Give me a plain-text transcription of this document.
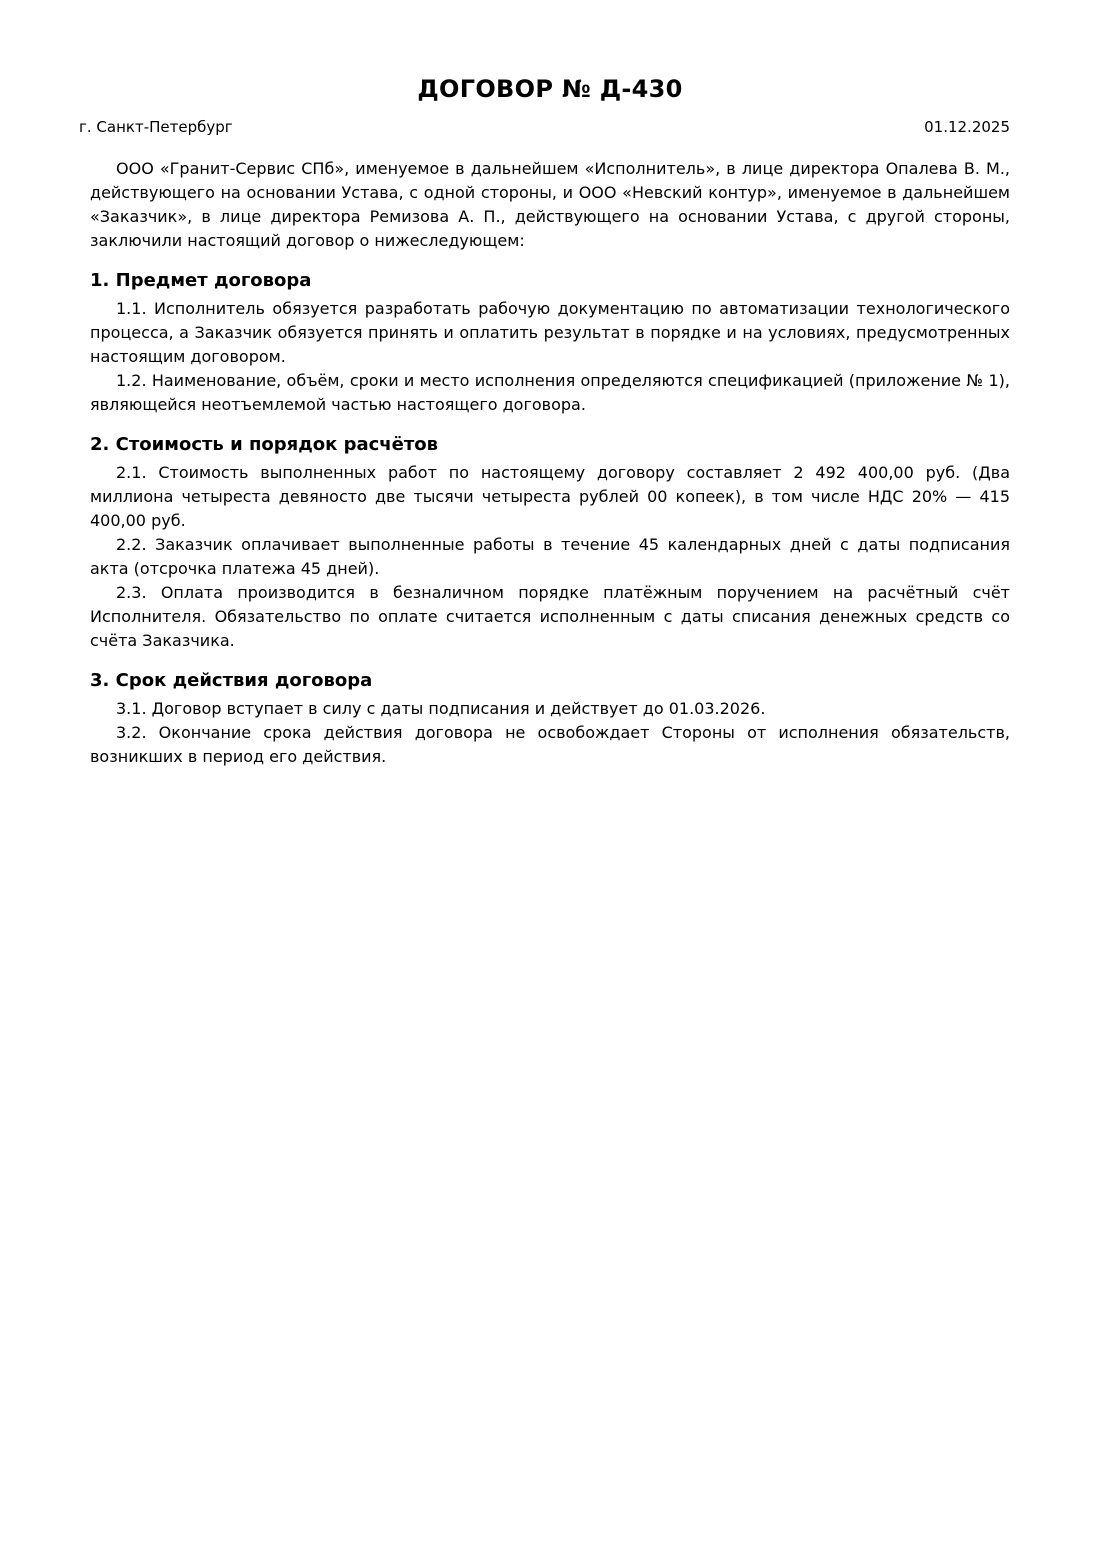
ДОГОВОР № Д-430
г. Санкт-Петербург	01.12.2025

ООО «Гранит-Сервис СПб», именуемое в дальнейшем «Исполнитель», в лице директора Опалева В. М., действующего на основании Устава, с одной стороны, и ООО «Невский контур», именуемое в дальнейшем «Заказчик», в лице директора Ремизова А. П., действующего на основании Устава, с другой стороны, заключили настоящий договор о нижеследующем:

1. Предмет договора

1.1. Исполнитель обязуется разработать рабочую документацию по автоматизации технологического процесса, а Заказчик обязуется принять и оплатить результат в порядке и на условиях, предусмотренных настоящим договором.

1.2. Наименование, объём, сроки и место исполнения определяются спецификацией (приложение № 1), являющейся неотъемлемой частью настоящего договора.

2. Стоимость и порядок расчётов

2.1. Стоимость выполненных работ по настоящему договору составляет 2 492 400,00 руб. (Два миллиона четыреста девяносто две тысячи четыреста рублей 00 копеек), в том числе НДС 20% — 415 400,00 руб.

2.2. Заказчик оплачивает выполненные работы в течение 45 календарных дней с даты подписания акта (отсрочка платежа 45 дней).

2.3. Оплата производится в безналичном порядке платёжным поручением на расчётный счёт Исполнителя. Обязательство по оплате считается исполненным с даты списания денежных средств со счёта Заказчика.

3. Срок действия договора

3.1. Договор вступает в силу с даты подписания и действует до 01.03.2026.

3.2. Окончание срока действия договора не освобождает Стороны от исполнения обязательств, возникших в период его действия.
